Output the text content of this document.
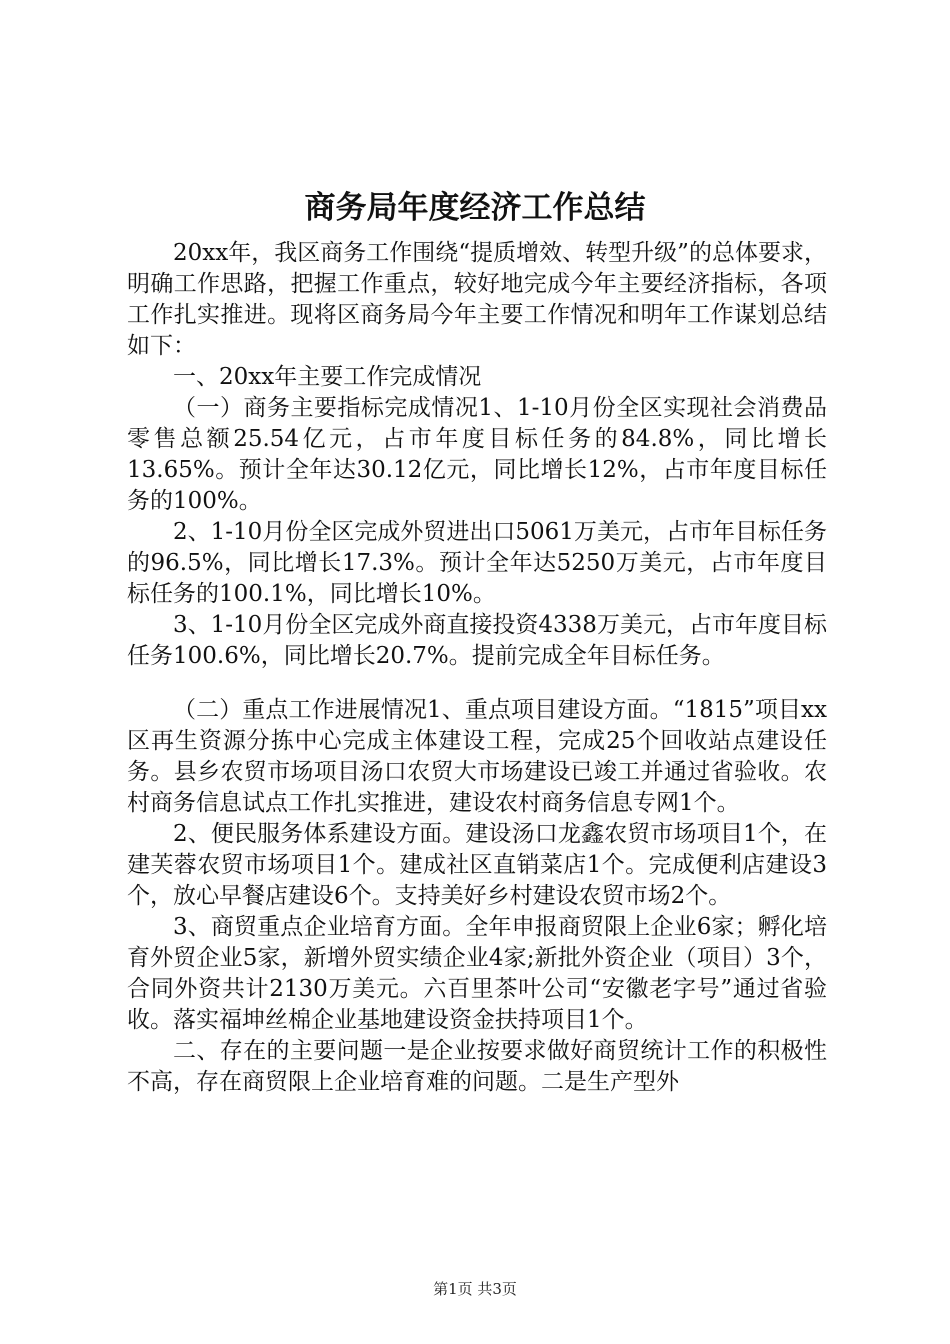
商务局年度经济工作总结

20xx年，我区商务工作围绕“提质增效、转型升级”的总体要求，明确工作思路，把握工作重点，较好地完成今年主要经济指标，各项工作扎实推进。现将区商务局今年主要工作情况和明年工作谋划总结如下：

一、20xx年主要工作完成情况

（一）商务主要指标完成情况1、1-10月份全区实现社会消费品零售总额25.54亿元，占市年度目标任务的84.8%，同比增长13.65%。预计全年达30.12亿元，同比增长12%，占市年度目标任务的100%。

2、1-10月份全区完成外贸进出口5061万美元，占市年目标任务的96.5%，同比增长17.3%。预计全年达5250万美元，占市年度目标任务的100.1%，同比增长10%。

3、1-10月份全区完成外商直接投资4338万美元，占市年度目标任务100.6%，同比增长20.7%。提前完成全年目标任务。

（二）重点工作进展情况1、重点项目建设方面。“1815”项目xx区再生资源分拣中心完成主体建设工程，完成25个回收站点建设任务。县乡农贸市场项目汤口农贸大市场建设已竣工并通过省验收。农村商务信息试点工作扎实推进，建设农村商务信息专网1个。

2、便民服务体系建设方面。建设汤口龙鑫农贸市场项目1个，在建芙蓉农贸市场项目1个。建成社区直销菜店1个。完成便利店建设3个，放心早餐店建设6个。支持美好乡村建设农贸市场2个。

3、商贸重点企业培育方面。全年申报商贸限上企业6家；孵化培育外贸企业5家，新增外贸实绩企业4家;新批外资企业（项目）3个，合同外资共计2130万美元。六百里茶叶公司“安徽老字号”通过省验收。落实福坤丝棉企业基地建设资金扶持项目1个。

二、存在的主要问题一是企业按要求做好商贸统计工作的积极性不高，存在商贸限上企业培育难的问题。二是生产型外

第1页 共3页
